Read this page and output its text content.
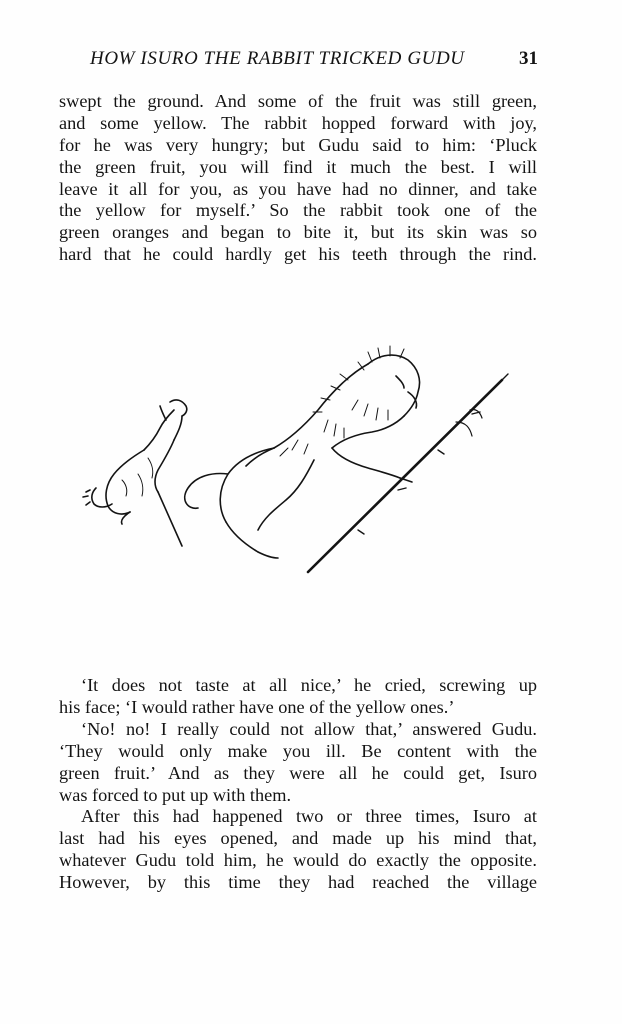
HOW ISURO THE RABBIT TRICKED GUDU	31
swept the ground. And some of the fruit was still green,
and some yellow. The rabbit hopped forward with joy,
for he was very hungry; but Gudu said to him: ‘Pluck
the green fruit, you will find it much the best. I will
leave it all for you, as you have had no dinner, and take
the yellow for myself.’ So the rabbit took one of the
green oranges and began to bite it, but its skin was so
hard that he could hardly get his teeth through the rind.
‘It does not taste at all nice,’ he cried, screwing up
his face; ‘I would rather have one of the yellow ones.’
‘No! no! I really could not allow that,’ answered Gudu.
‘They would only make you ill. Be content with the
green fruit.’ And as they were all he could get, Isuro
was forced to put up with them.
After this had happened two or three times, Isuro at
last had his eyes opened, and made up his mind that,
whatever Gudu told him, he would do exactly the opposite.
However, by this time they had reached the village
